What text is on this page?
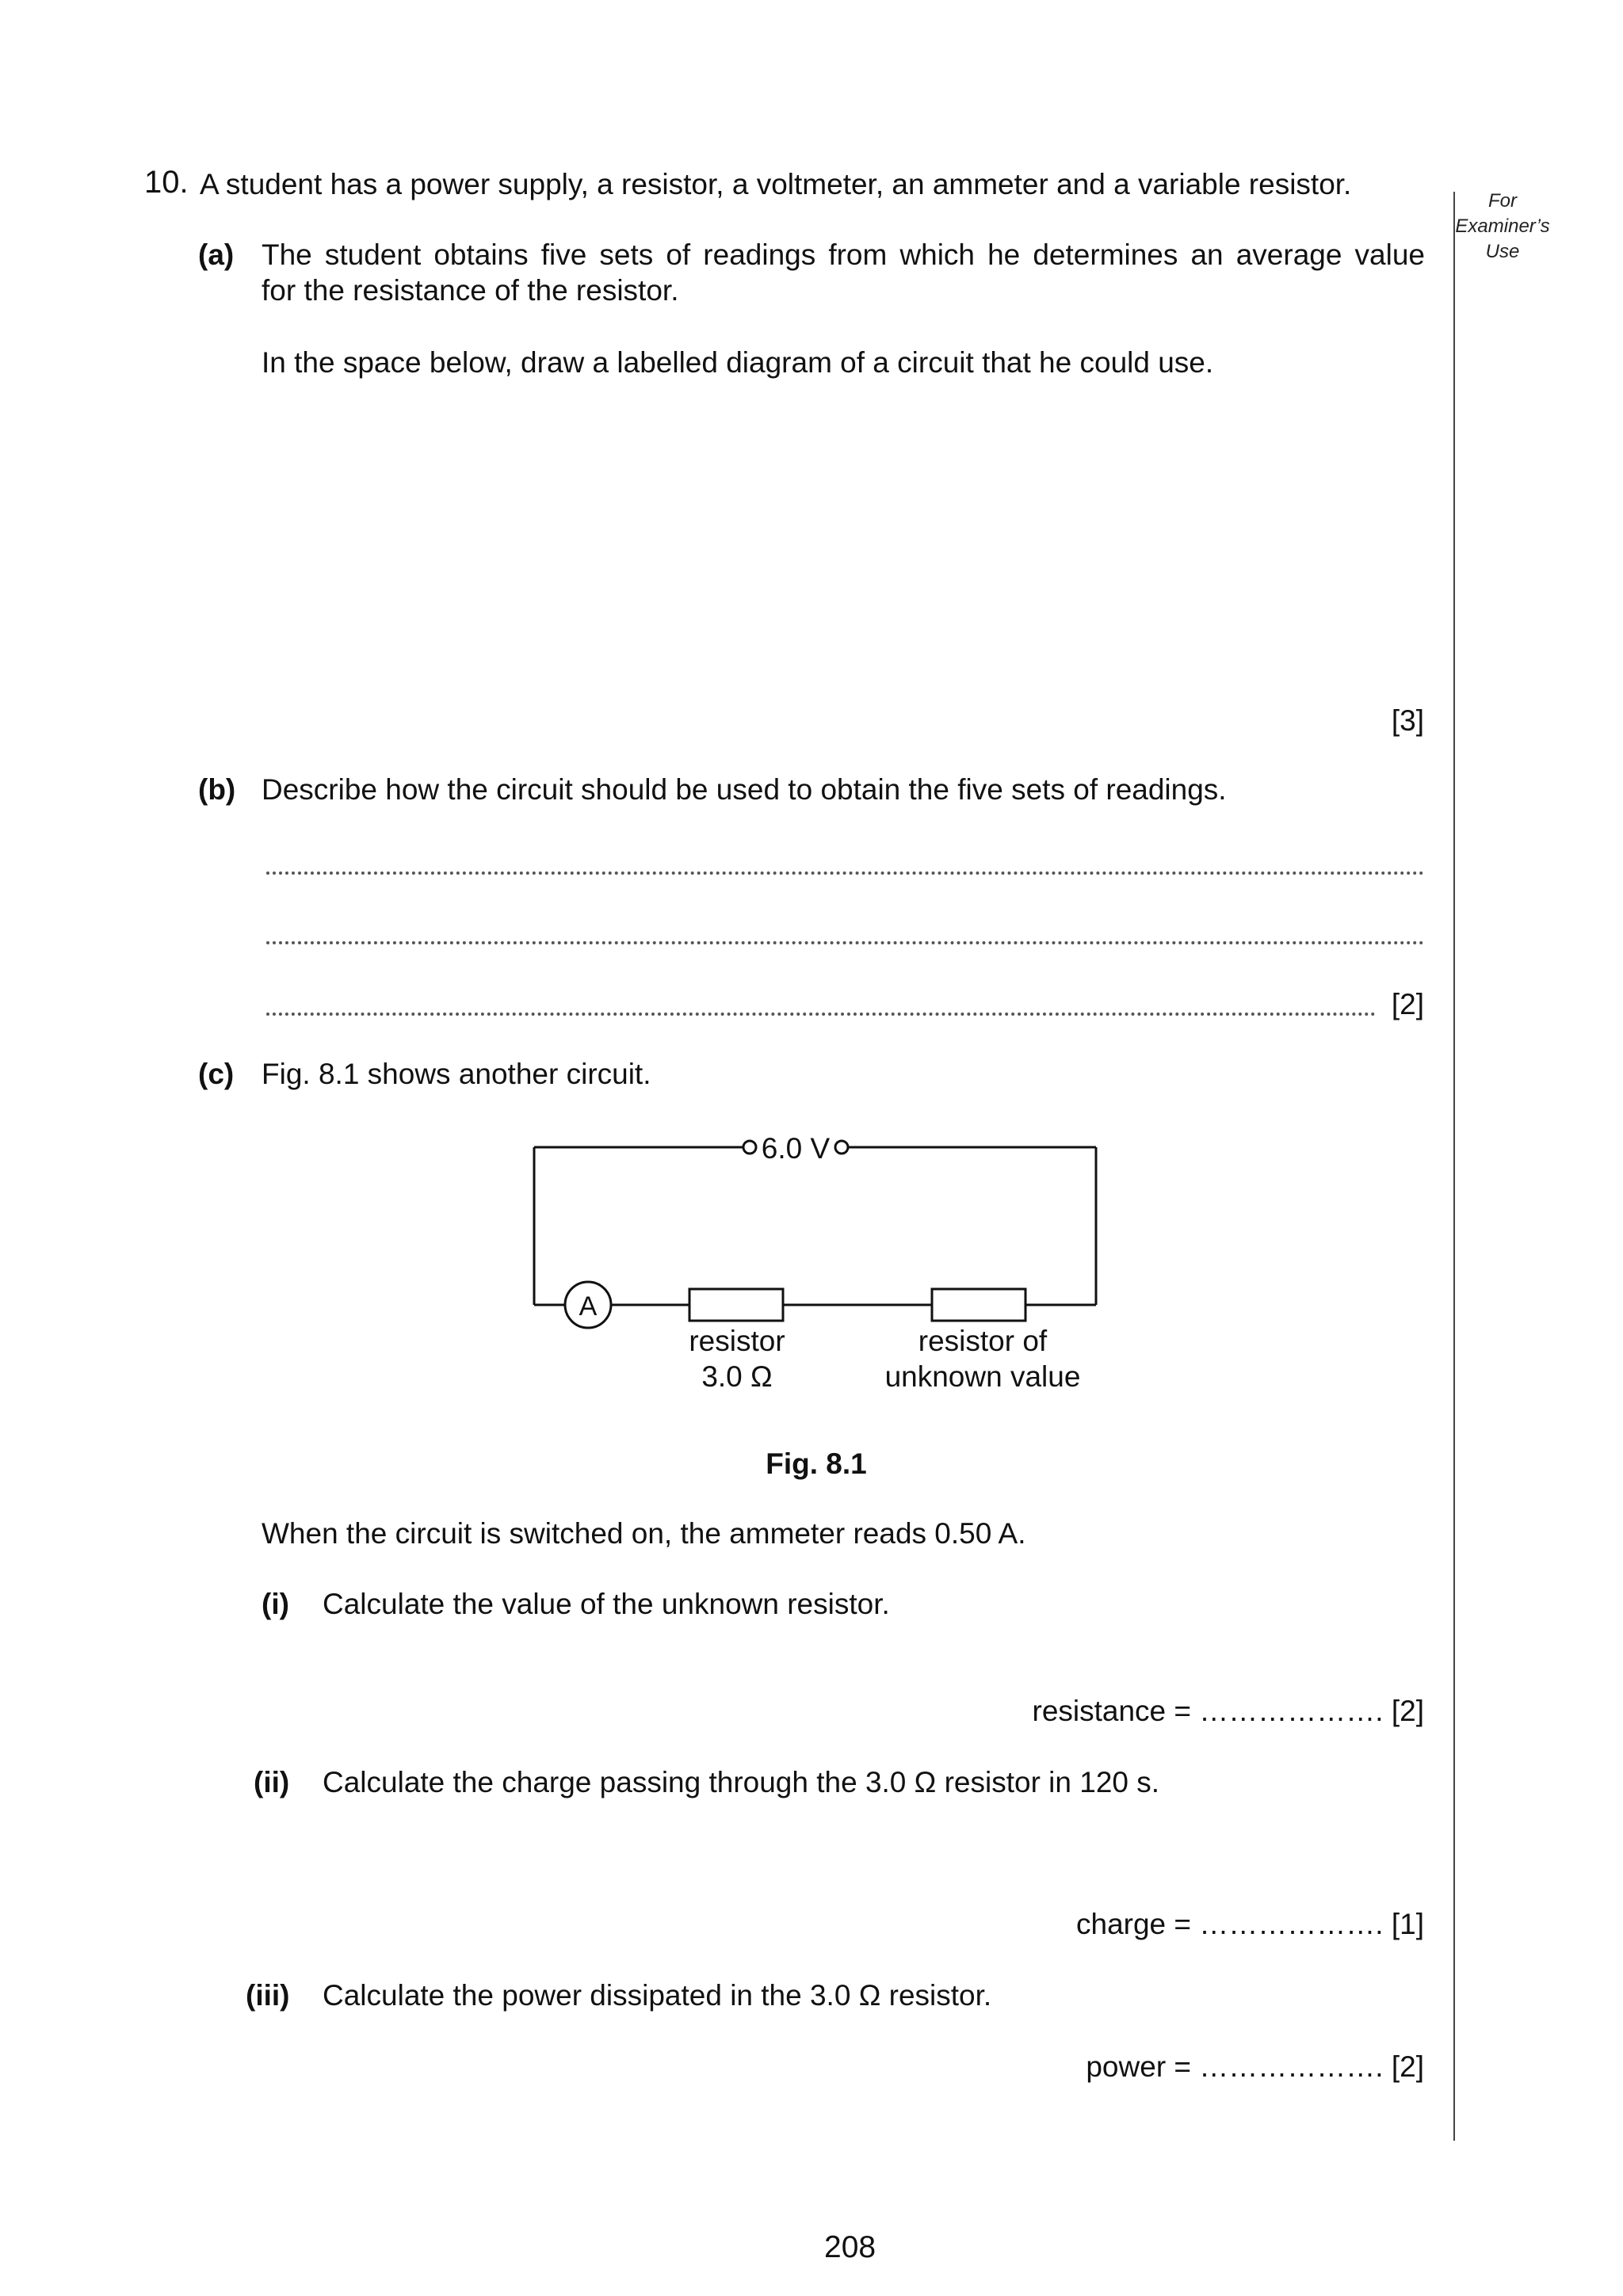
For
Examiner’s
Use
10. A student has a power supply, a resistor, a voltmeter, an ammeter and a variable resistor.
(a) The student obtains five sets of readings from which he determines an average value
for the resistance of the resistor.
In the space below, draw a labelled diagram of a circuit that he could use.
[3]
(b) Describe how the circuit should be used to obtain the five sets of readings.
[2]
(c) Fig. 8.1 shows another circuit.
6.0 V
A
resistor
3.0 Ω
resistor of
unknown value
Fig. 8.1
When the circuit is switched on, the ammeter reads 0.50 A.
(i) Calculate the value of the unknown resistor.
resistance = ………………. [2]
(ii) Calculate the charge passing through the 3.0 Ω resistor in 120 s.
charge = ………………. [1]
(iii) Calculate the power dissipated in the 3.0 Ω resistor.
power = ………………. [2]
208
